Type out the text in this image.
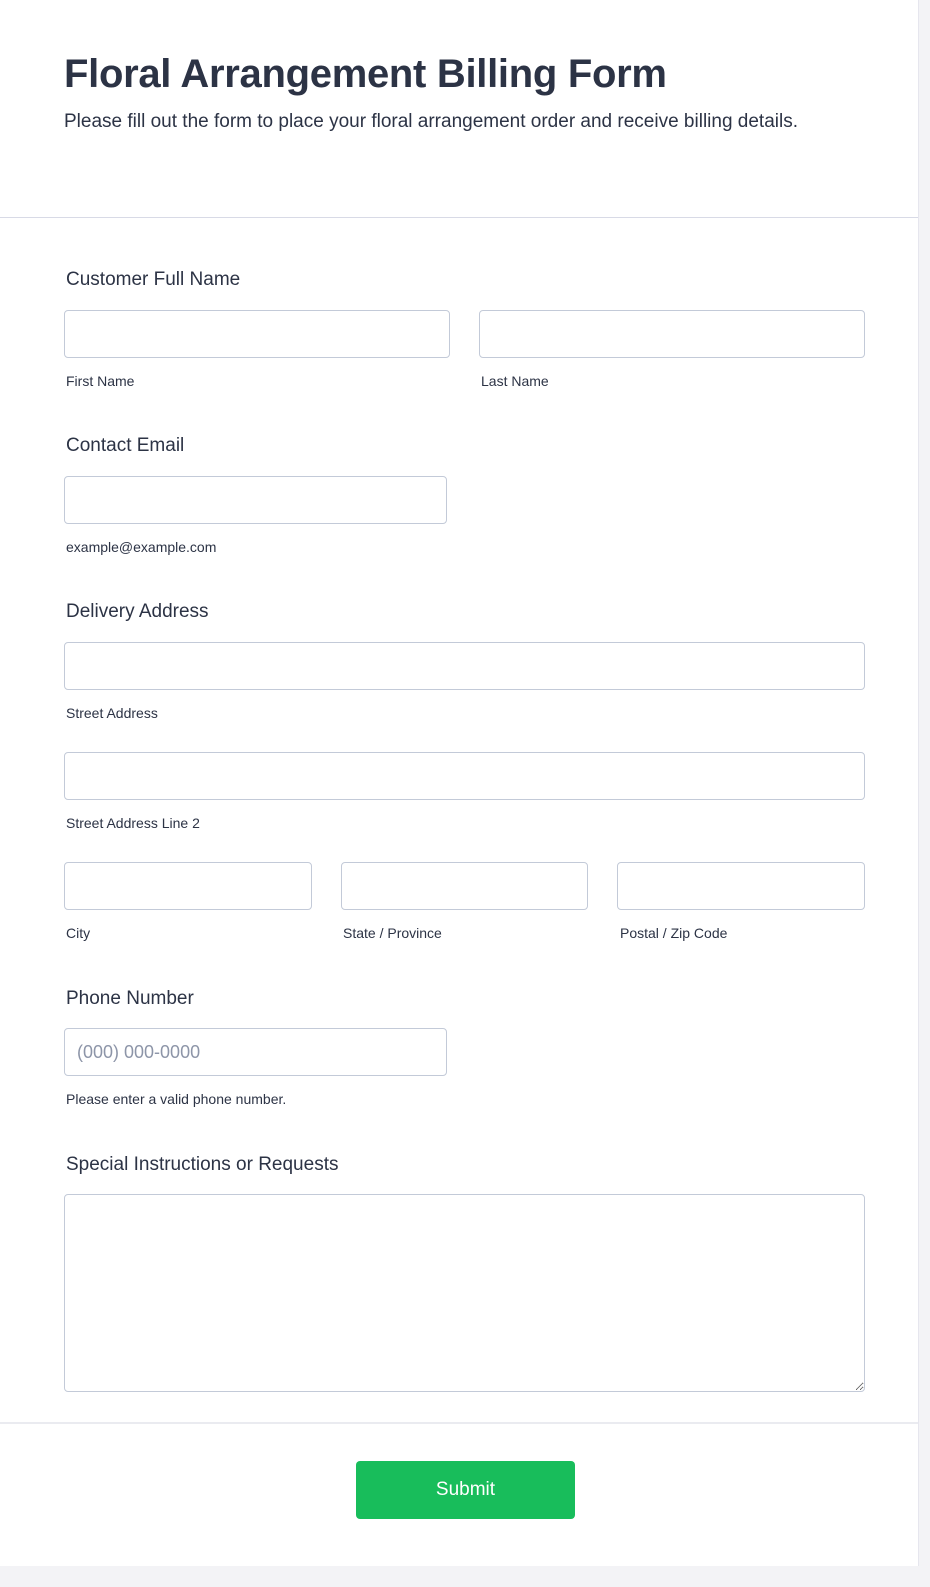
Floral Arrangement Billing Form
Please fill out the form to place your floral arrangement order and receive billing details.
Customer Full Name
First Name	Last Name
Contact Email
example@example.com
Delivery Address
Street Address
Street Address Line 2
City	State / Province	Postal / Zip Code
Phone Number
(000) 000-0000
Please enter a valid phone number.
Special Instructions or Requests
Submit
